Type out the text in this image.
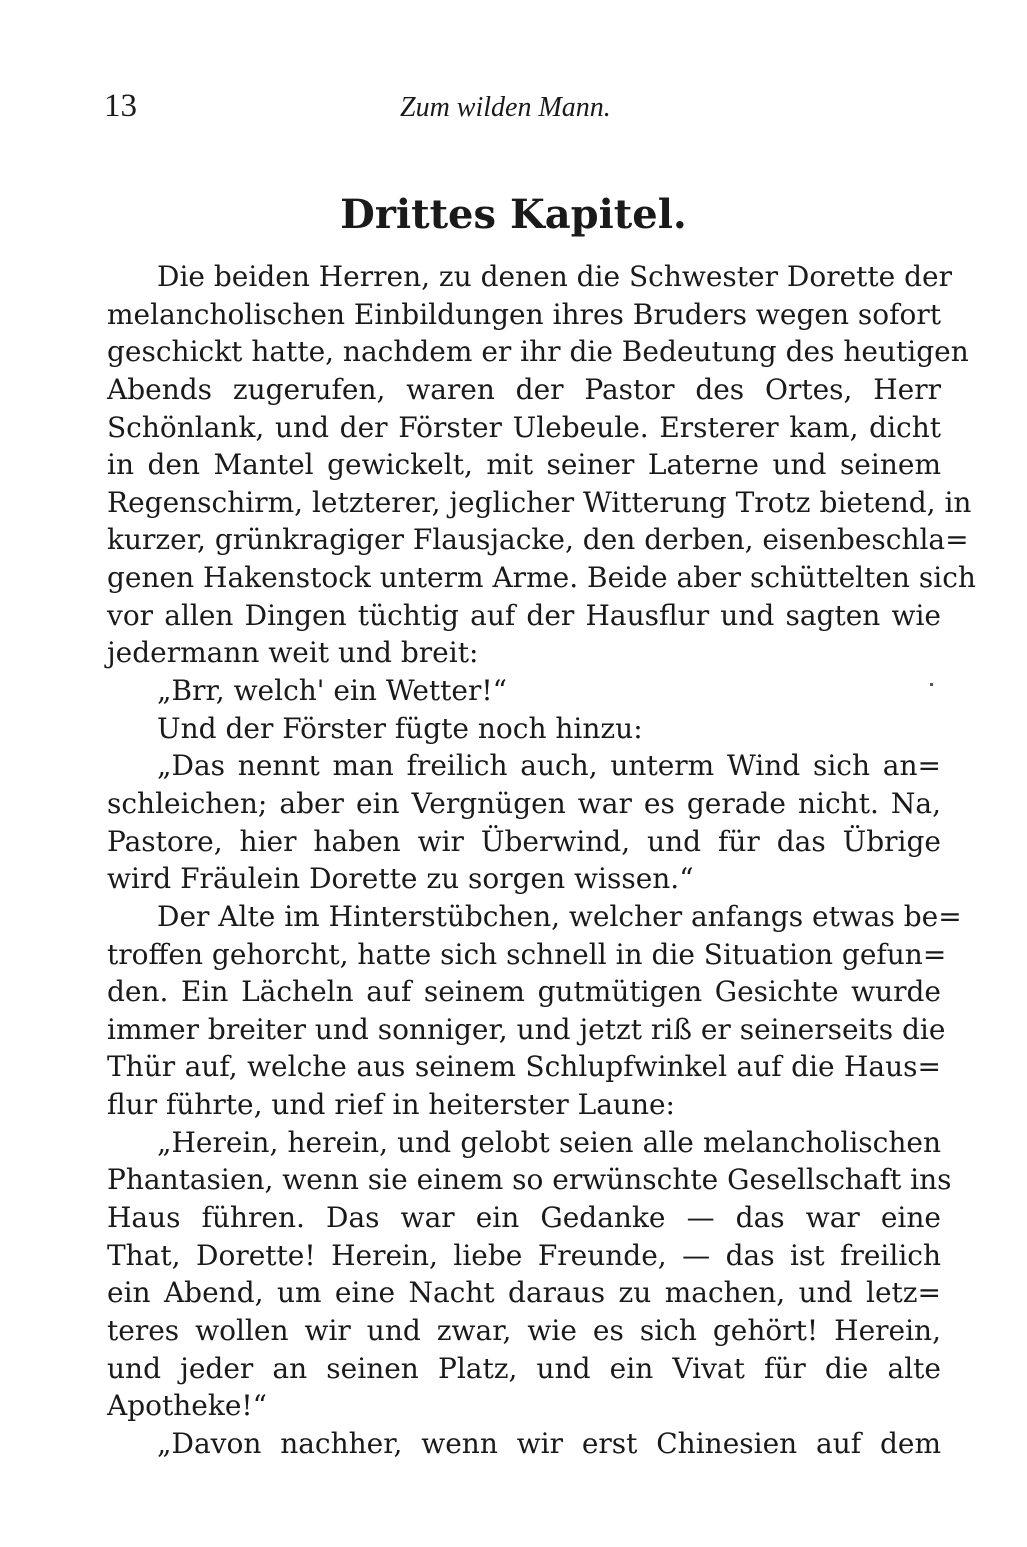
13	Zum wilden Mann.
Drittes Kapitel.
Die beiden Herren, zu denen die Schwester Dorette der
melancholischen Einbildungen ihres Bruders wegen sofort
geschickt hatte, nachdem er ihr die Bedeutung des heutigen
Abends zugerufen, waren der Pastor des Ortes, Herr
Schönlank, und der Förster Ulebeule. Ersterer kam, dicht
in den Mantel gewickelt, mit seiner Laterne und seinem
Regenschirm, letzterer, jeglicher Witterung Trotz bietend, in
kurzer, grünkragiger Flausjacke, den derben, eisenbeschla=
genen Hakenstock unterm Arme. Beide aber schüttelten sich
vor allen Dingen tüchtig auf der Hausflur und sagten wie
jedermann weit und breit:
„Brr, welch' ein Wetter!“
Und der Förster fügte noch hinzu:
„Das nennt man freilich auch, unterm Wind sich an=
schleichen; aber ein Vergnügen war es gerade nicht. Na,
Pastore, hier haben wir Überwind, und für das Übrige
wird Fräulein Dorette zu sorgen wissen.“
Der Alte im Hinterstübchen, welcher anfangs etwas be=
troffen gehorcht, hatte sich schnell in die Situation gefun=
den. Ein Lächeln auf seinem gutmütigen Gesichte wurde
immer breiter und sonniger, und jetzt riß er seinerseits die
Thür auf, welche aus seinem Schlupfwinkel auf die Haus=
flur führte, und rief in heiterster Laune:
„Herein, herein, und gelobt seien alle melancholischen
Phantasien, wenn sie einem so erwünschte Gesellschaft ins
Haus führen. Das war ein Gedanke — das war eine
That, Dorette! Herein, liebe Freunde, — das ist freilich
ein Abend, um eine Nacht daraus zu machen, und letz=
teres wollen wir und zwar, wie es sich gehört! Herein,
und jeder an seinen Platz, und ein Vivat für die alte
Apotheke!“
„Davon nachher, wenn wir erst Chinesien auf dem
